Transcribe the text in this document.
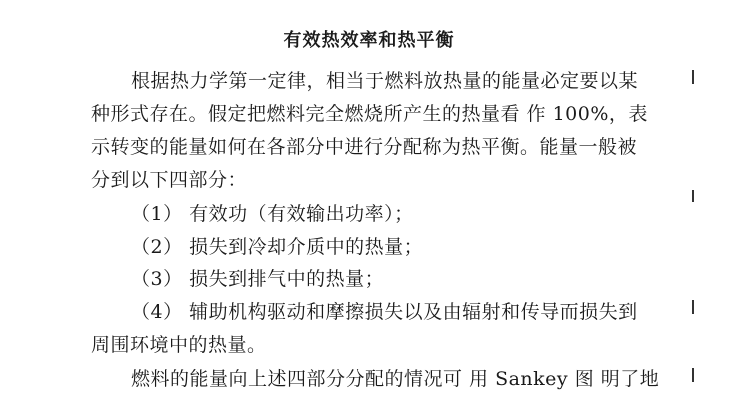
有效热效率和热平衡
根据热力学第一定律，相当于燃料放热量的能量必定要以某
种形式存在。假定把燃料完全燃烧所产生的热量看 作 100%，表
示转变的能量如何在各部分中进行分配称为热平衡。能量一般被
分到以下四部分：
（1） 有效功（有效输出功率）；
（2） 损失到冷却介质中的热量；
（3） 损失到排气中的热量；
（4） 辅助机构驱动和摩擦损失以及由辐射和传导而损失到
周围环境中的热量。
燃料的能量向上述四部分分配的情况可 用 Sankey 图 明了地
